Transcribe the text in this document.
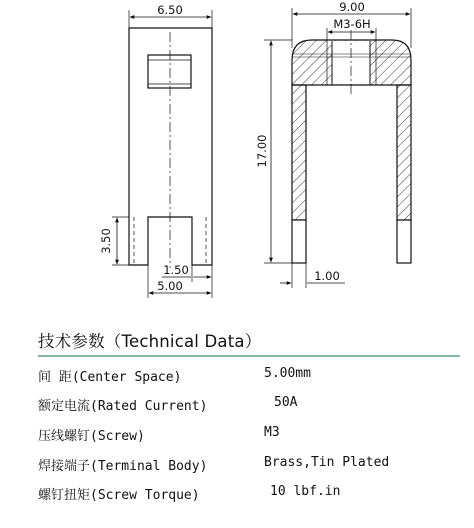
6.50
3.50
1.50
5.00
9.00
M3-6H
17.00
1.00
技术参数（Technical Data）
间 距(Center Space)	5.00mm
额定电流(Rated Current)	50A
压线螺钉(Screw)	M3
焊接端子(Terminal Body)	Brass,Tin Plated
螺钉扭矩(Screw Torque)	10 lbf.in
